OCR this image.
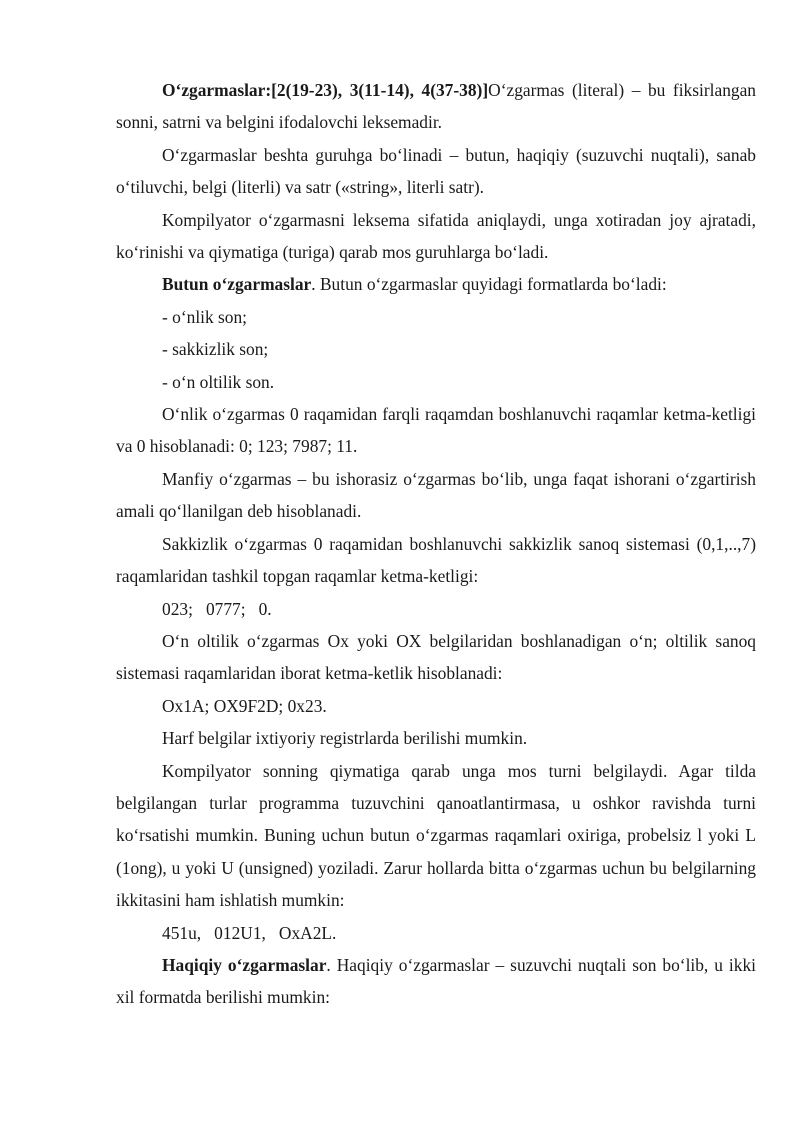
O‘zgarmaslar:[2(19-23), 3(11-14), 4(37-38)]O‘zgarmas (literal) – bu fiksirlangan sonni, satrni va belgini ifodalovchi leksemadir.

O‘zgarmaslar beshta guruhga bo‘linadi – butun, haqiqiy (suzuvchi nuqtali), sanab o‘tiluvchi, belgi (literli) va satr («string», literli satr).

Kompilyator o‘zgarmasni leksema sifatida aniqlaydi, unga xotiradan joy ajratadi, ko‘rinishi va qiymatiga (turiga) qarab mos guruhlarga bo‘ladi.

Butun o‘zgarmaslar. Butun o‘zgarmaslar quyidagi formatlarda bo‘ladi:

- o‘nlik son;

- sakkizlik son;

- o‘n oltilik son.

O‘nlik o‘zgarmas 0 raqamidan farqli raqamdan boshlanuvchi raqamlar ketma-ketligi va 0 hisoblanadi: 0; 123; 7987; 11.

Manfiy o‘zgarmas – bu ishorasiz o‘zgarmas bo‘lib, unga faqat ishorani o‘zgartirish amali qo‘llanilgan deb hisoblanadi.

Sakkizlik o‘zgarmas 0 raqamidan boshlanuvchi sakkizlik sanoq sistemasi (0,1,..,7) raqamlaridan tashkil topgan raqamlar ketma-ketligi:

023;   0777;   0.

O‘n oltilik o‘zgarmas Ox yoki OX belgilaridan boshlanadigan o‘n; oltilik sanoq sistemasi raqamlaridan iborat ketma-ketlik hisoblanadi:

Ox1A; OX9F2D; 0x23.

Harf belgilar ixtiyoriy registrlarda berilishi mumkin.

Kompilyator sonning qiymatiga qarab unga mos turni belgilaydi. Agar tilda belgilangan turlar programma tuzuvchini qanoatlantirmasa, u oshkor ravishda turni ko‘rsatishi mumkin. Buning uchun butun o‘zgarmas raqamlari oxiriga, probelsiz l yoki L (1ong), u yoki U (unsigned) yoziladi. Zarur hollarda bitta o‘zgarmas uchun bu belgilarning ikkitasini ham ishlatish mumkin:

451u,   012U1,   OxA2L.

Haqiqiy o‘zgarmaslar. Haqiqiy o‘zgarmaslar – suzuvchi nuqtali son bo‘lib, u ikki xil formatda berilishi mumkin:
